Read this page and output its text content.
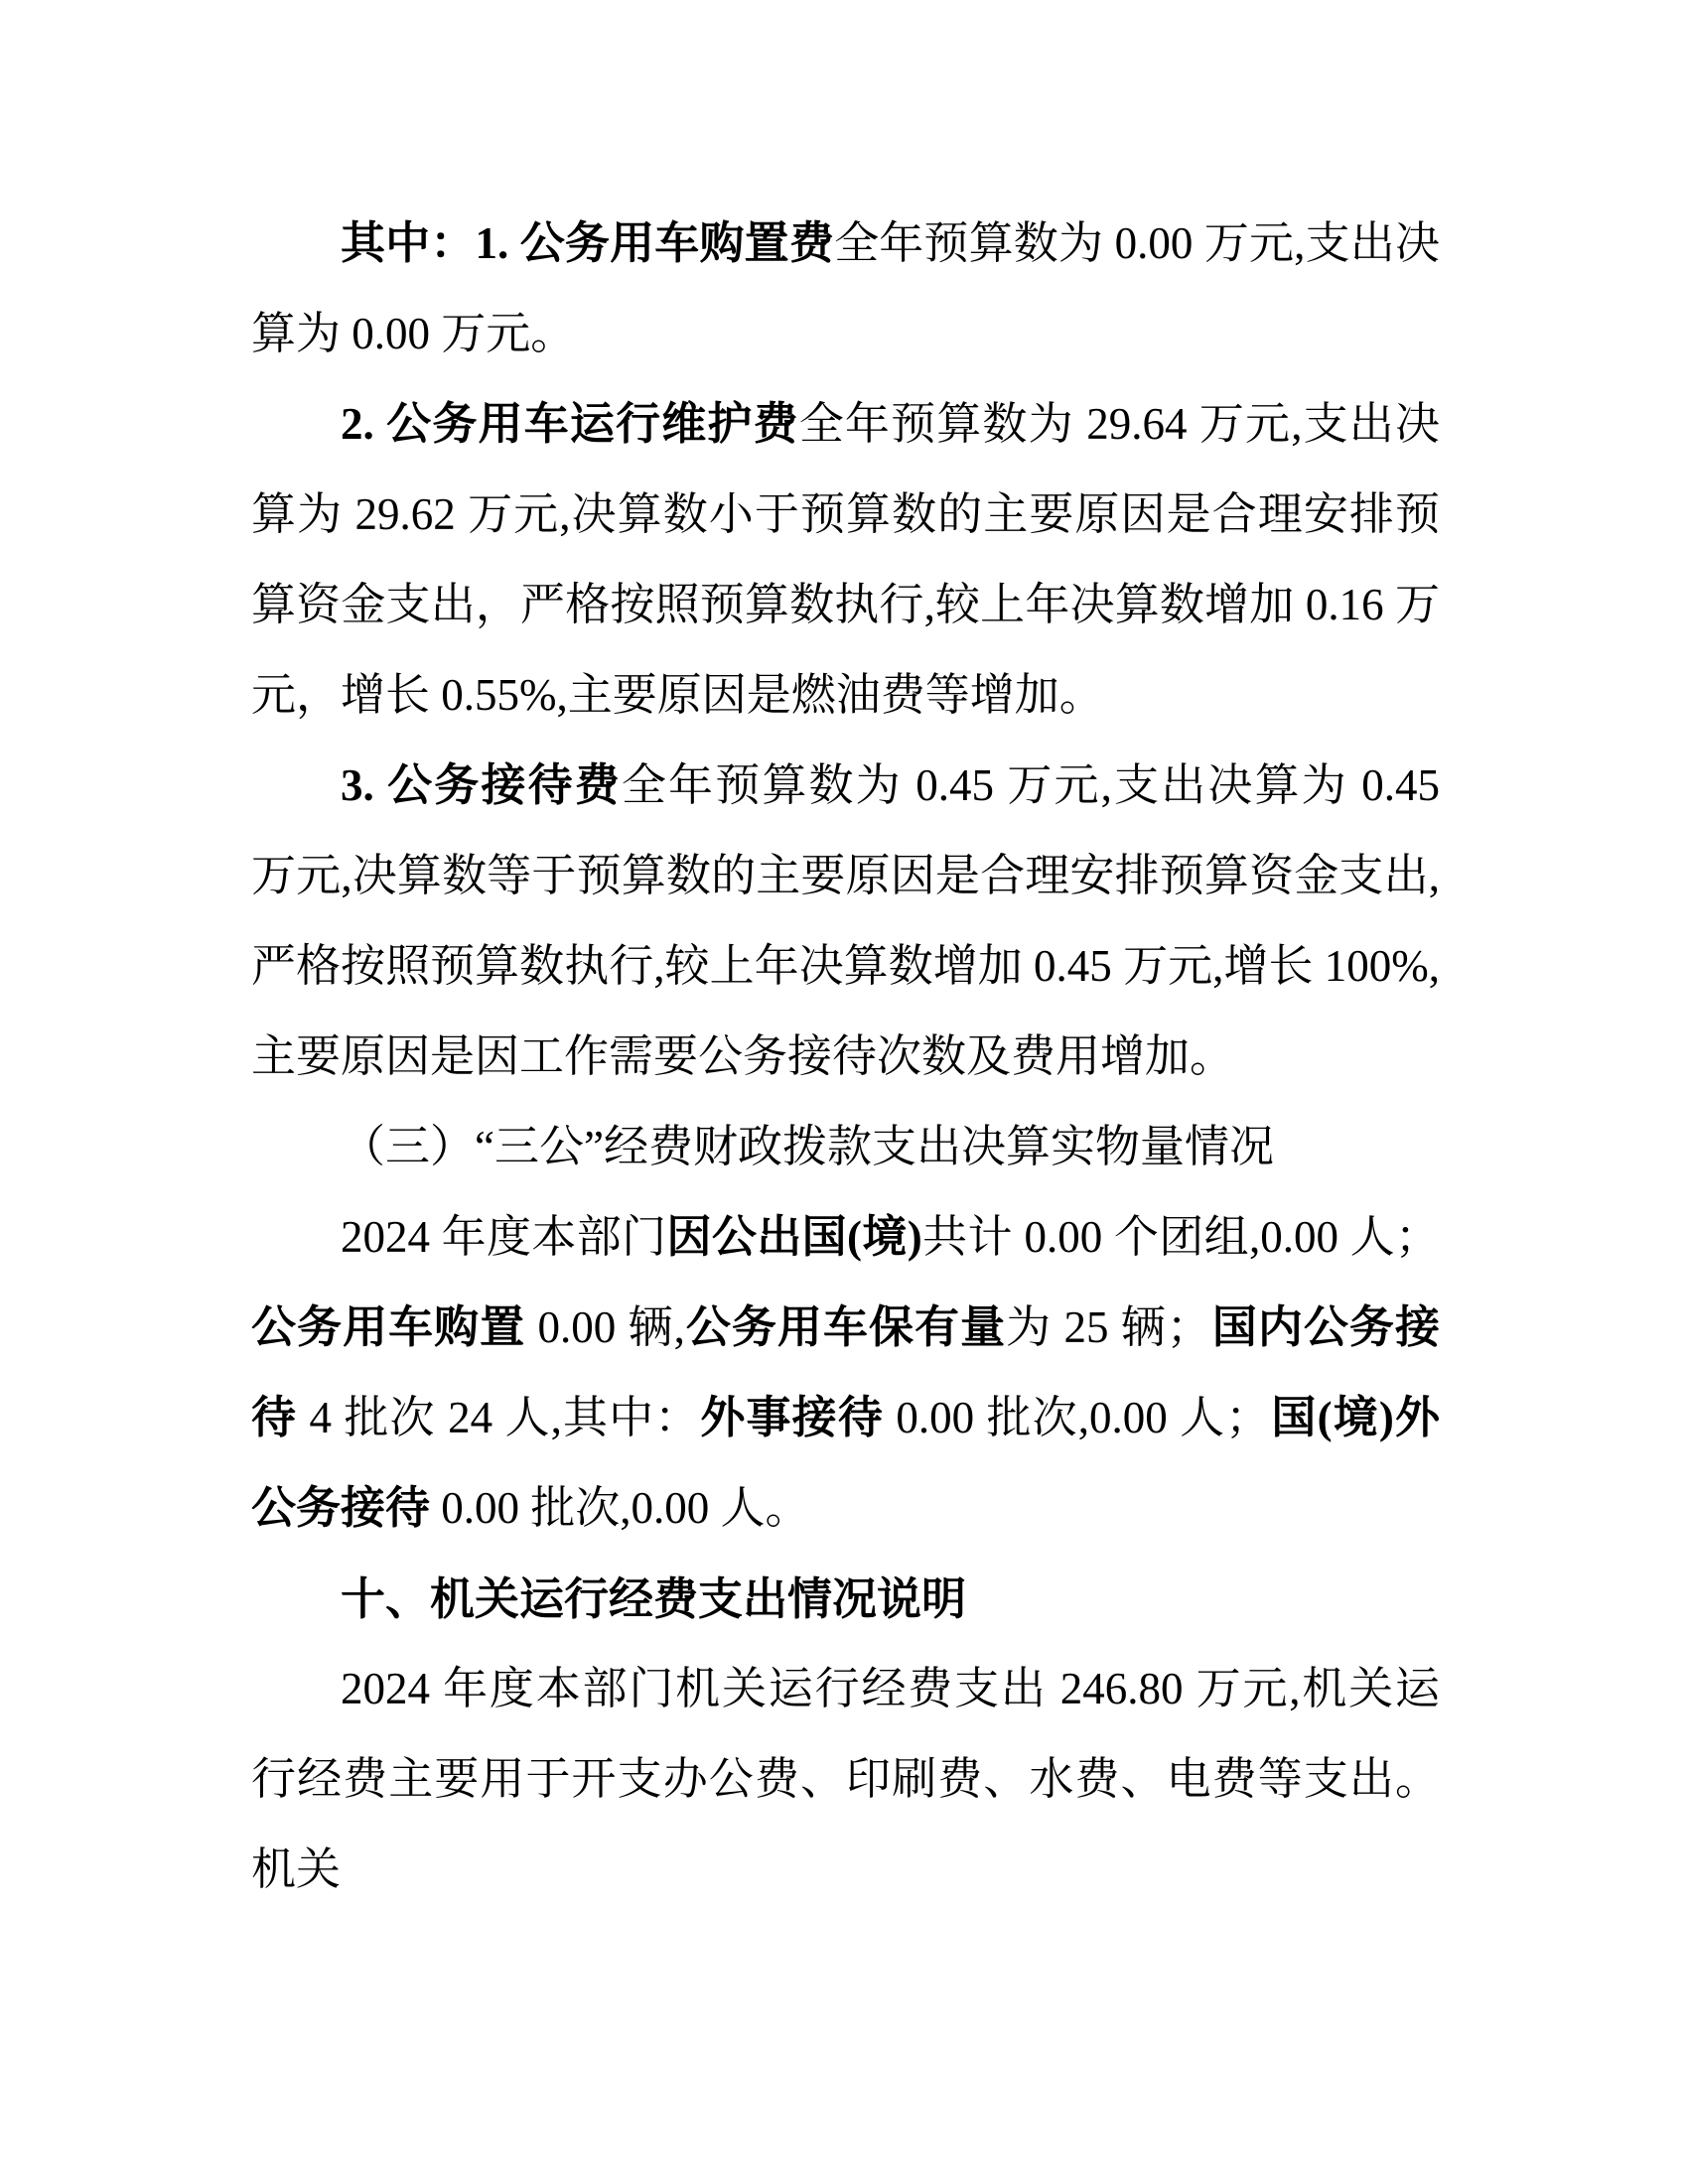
其中：1. 公务用车购置费全年预算数为 0.00 万元,支出决算为 0.00 万元。

2. 公务用车运行维护费全年预算数为 29.64 万元,支出决算为 29.62 万元,决算数小于预算数的主要原因是合理安排预算资金支出，严格按照预算数执行,较上年决算数增加 0.16 万元，增长 0.55%,主要原因是燃油费等增加。

3. 公务接待费全年预算数为 0.45 万元,支出决算为 0.45 万元,决算数等于预算数的主要原因是合理安排预算资金支出,严格按照预算数执行,较上年决算数增加 0.45 万元,增长 100%,主要原因是因工作需要公务接待次数及费用增加。

（三）“三公”经费财政拨款支出决算实物量情况

2024 年度本部门因公出国(境)共计 0.00 个团组,0.00 人；公务用车购置 0.00 辆,公务用车保有量为 25 辆；国内公务接待 4 批次 24 人,其中：外事接待 0.00 批次,0.00 人；国(境)外公务接待 0.00 批次,0.00 人。

十、机关运行经费支出情况说明

2024 年度本部门机关运行经费支出 246.80 万元,机关运行经费主要用于开支办公费、印刷费、水费、电费等支出。机关
